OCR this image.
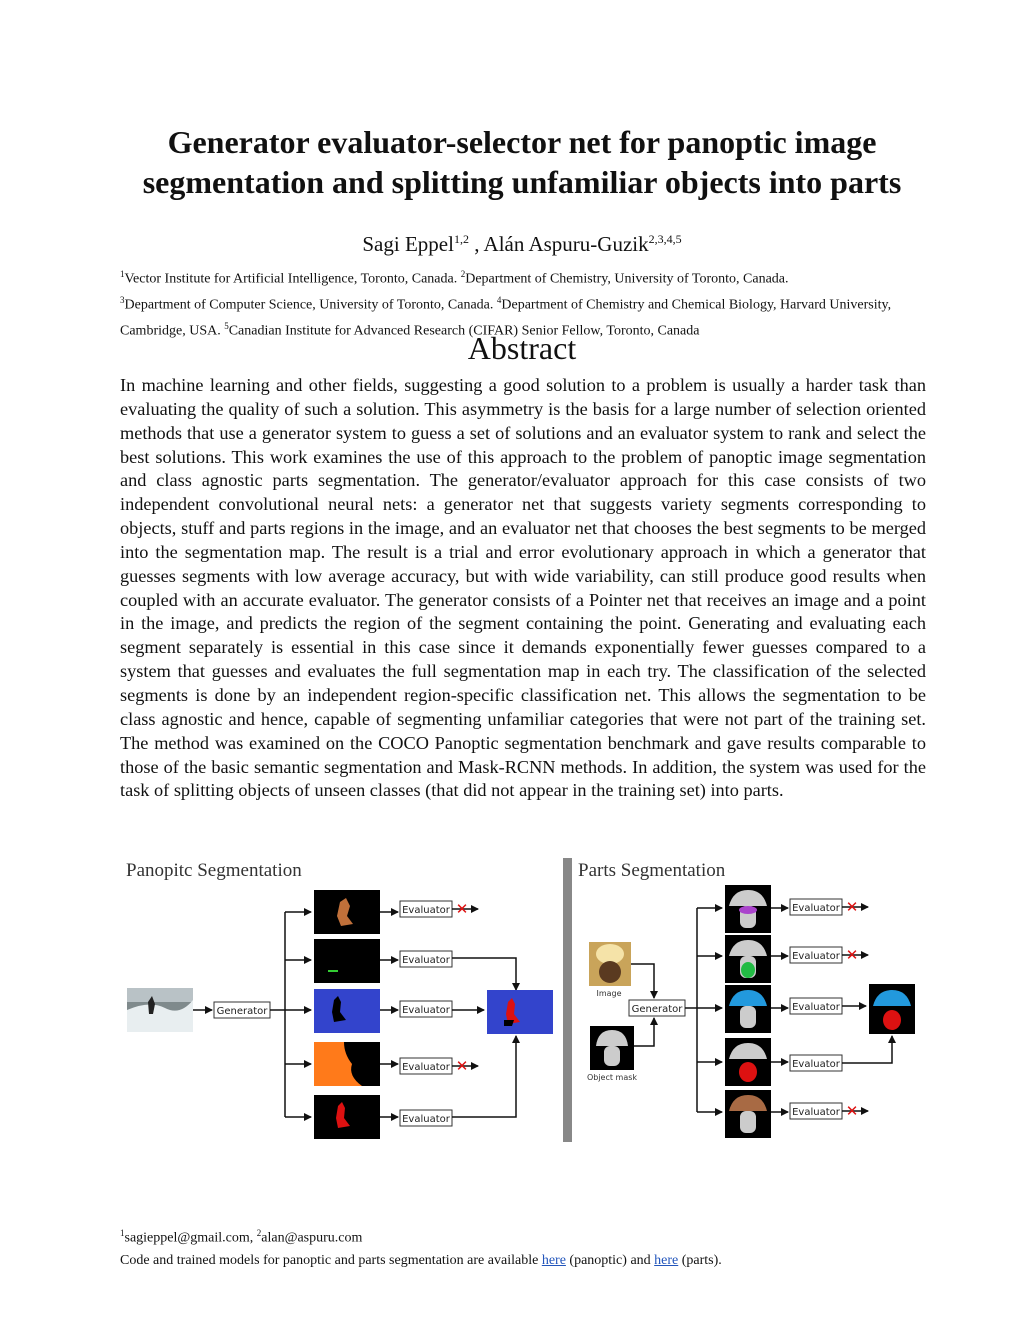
Generator evaluator-selector net for panoptic image
segmentation and splitting unfamiliar objects into parts
Sagi Eppel$^{1,2}$ , Alán Aspuru-Guzik$^{2,3,4,5}$
$^1$Vector Institute for Artificial Intelligence, Toronto, Canada. $^2$Department of Chemistry, University of Toronto, Canada.
$^3$Department of Computer Science, University of Toronto, Canada. $^4$Department of Chemistry and Chemical Biology, Harvard University, Cambridge, USA. $^5$Canadian Institute for Advanced Research (CIFAR) Senior Fellow, Toronto, Canada
Abstract

In machine learning and other fields, suggesting a good solution to a problem is usually a harder task than evaluating the quality of such a solution. This asymmetry is the basis for a large number of selection oriented methods that use a generator system to guess a set of solutions and an evaluator system to rank and select the best solutions. This work examines the use of this approach to the problem of panoptic image segmentation and class agnostic parts segmentation. The generator/evaluator approach for this case consists of two independent convolutional neural nets: a generator net that suggests variety segments corresponding to objects, stuff and parts regions in the image, and an evaluator net that chooses the best segments to be merged into the segmentation map. The result is a trial and error evolutionary approach in which a generator that guesses segments with low average accuracy, but with wide variability, can still produce good results when coupled with an accurate evaluator. The generator consists of a Pointer net that receives an image and a point in the image, and predicts the region of the segment containing the point. Generating and evaluating each segment separately is essential in this case since it demands exponentially fewer guesses compared to a system that guesses and evaluates the full segmentation map in each try. The classification of the selected segments is done by an independent region-specific classification net. This allows the segmentation to be class agnostic and hence, capable of segmenting unfamiliar categories that were not part of the training set. The method was examined on the COCO Panoptic segmentation benchmark and gave results comparable to those of the basic semantic segmentation and Mask-RCNN methods. In addition, the system was used for the task of splitting objects of unseen classes (that did not appear in the training set) into parts.

Panopitc Segmentation	Parts Segmentation
Generator
Evaluator
Evaluator
Evaluator
Evaluator
Evaluator
✕
✕
Image
Object mask
Generator
Evaluator
Evaluator
Evaluator
Evaluator
Evaluator
✕
✕
✕
$^1$sagieppel@gmail.com, $^2$alan@aspuru.com
Code and trained models for panoptic and parts segmentation are available here (panoptic) and here (parts).
